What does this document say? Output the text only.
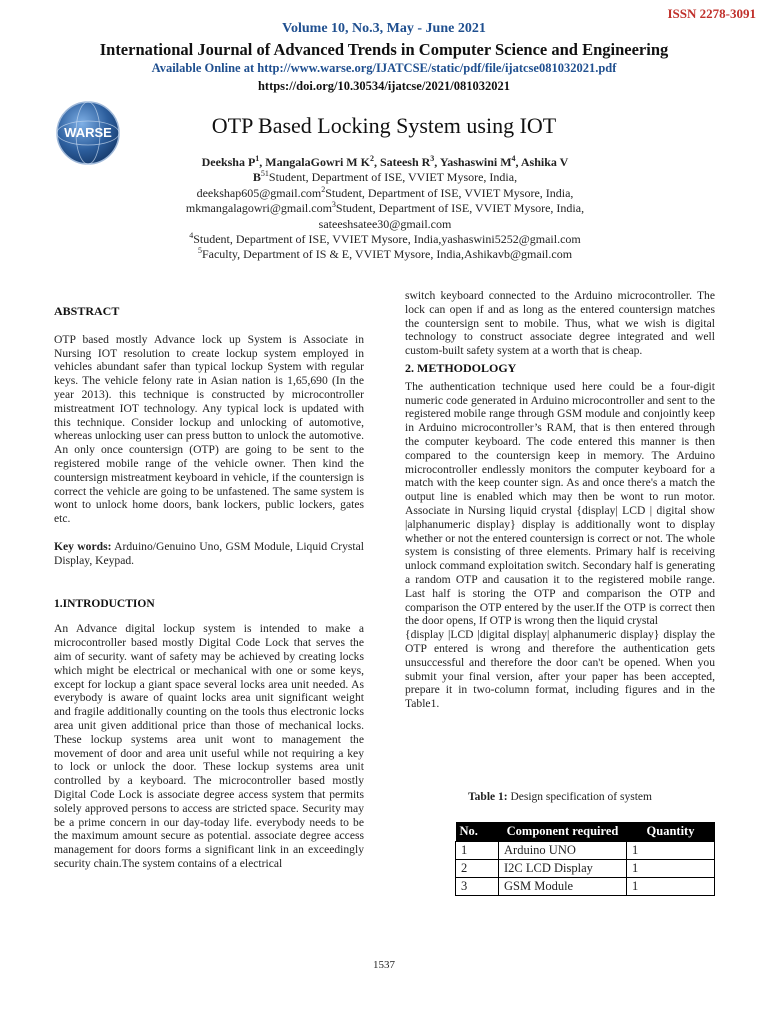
ISSN 2278-3091
Volume 10, No.3, May - June 2021
International Journal of Advanced Trends in Computer Science and Engineering
Available Online at http://www.warse.org/IJATCSE/static/pdf/file/ijatcse081032021.pdf
https://doi.org/10.30534/ijatcse/2021/081032021
WARSE	OTP Based Locking System using IOT
Deeksha $P^1$, MangalaGowri M $K^2$, Sateesh $R^3$, Yashaswini $M^4$, Ashika V
$B^{51}Student$, Department of ISE, VVIET Mysore, India,
deekshap605@gmail.com$^2$Student, Department of ISE, VVIET Mysore, India,
mkmangalagowri@gmail.com$^3$Student, Department of ISE, VVIET Mysore, India,
sateeshsatee30@gmail.com
$^4$Student, Department of ISE, VVIET Mysore, India,yashaswini5252@gmail.com
$^5$Faculty, Department of IS & E, VVIET Mysore, India,Ashikavb@gmail.com
ABSTRACT

OTP based mostly Advance lock up System is Associate in Nursing IOT resolution to create lockup system employed in vehicles abundant safer than typical lockup System with regular keys. The vehicle felony rate in Asian nation is 1,65,690 (In the year 2013). this technique is constructed by microcontroller mistreatment IOT technology. Any typical lock is updated with this technique. Consider lockup and unlocking of automotive, whereas unlocking user can press button to unlock the automotive. An only once countersign (OTP) are going to be sent to the registered mobile range of the vehicle owner. Then kind the countersign mistreatment keyboard in vehicle, if the countersign is correct the vehicle are going to be unfastened. The same system is wont to unlock home doors, bank lockers, public lockers, gates etc.

Key words: Arduino/Genuino Uno, GSM Module, Liquid Crystal Display, Keypad.

1.INTRODUCTION

An Advance digital lockup system is intended to make a microcontroller based mostly Digital Code Lock that serves the aim of security. want of safety may be achieved by creating locks which might be electrical or mechanical with one or some keys, except for lockup a giant space several locks area unit needed. As everybody is aware of quaint locks area unit significant weight and fragile additionally counting on the tools thus electronic locks area unit given additional price than those of mechanical locks. These lockup systems area unit wont to management the movement of door and area unit useful while not requiring a key to lock or unlock the door. These lockup systems area unit controlled by a keyboard. The microcontroller based mostly Digital Code Lock is associate degree access system that permits solely approved persons to access are stricted space. Security may be a prime concern in our day-today life. everybody needs to be the maximum amount secure as potential. associate degree access management for doors forms a significant link in an exceedingly security chain.The system contains of a electrical

switch keyboard connected to the Arduino microcontroller. The lock can open if and as long as the entered countersign matches the countersign sent to mobile. Thus, what we wish is digital technology to construct associate degree integrated and well custom-built safety system at a worth that is cheap.

2. METHODOLOGY

The authentication technique used here could be a four-digit numeric code generated in Arduino microcontroller and sent to the registered mobile range through GSM module and conjointly keep in Arduino microcontroller’s RAM, that is then entered through the computer keyboard. The code entered this manner is then compared to the countersign keep in memory. The Arduino microcontroller endlessly monitors the computer keyboard for a match with the keep counter sign. As and once there's a match the output line is enabled which may then be wont to run motor. Associate in Nursing liquid crystal {display| LCD | digital show |alphanumeric display} display is additionally wont to display whether or not the entered countersign is correct or not. The whole system is consisting of three elements. Primary half is receiving unlock command exploitation switch. Secondary half is generating a random OTP and causation it to the registered mobile range. Last half is storing the OTP and comparison the OTP and comparison the OTP entered by the user.If the OTP is correct then the door opens, If OTP is wrong then the liquid crystal

{display |LCD |digital display| alphanumeric display} display the OTP entered is wrong and therefore the authentication gets unsuccessful and therefore the door can't be opened. When you submit your final version, after your paper has been accepted, prepare it in two-column format, including figures and in the Table1.

Table 1: Design specification of system
No.	Component required	Quantity
1	Arduino UNO	1
2	I2C LCD Display	1
3	GSM Module	1
1537
